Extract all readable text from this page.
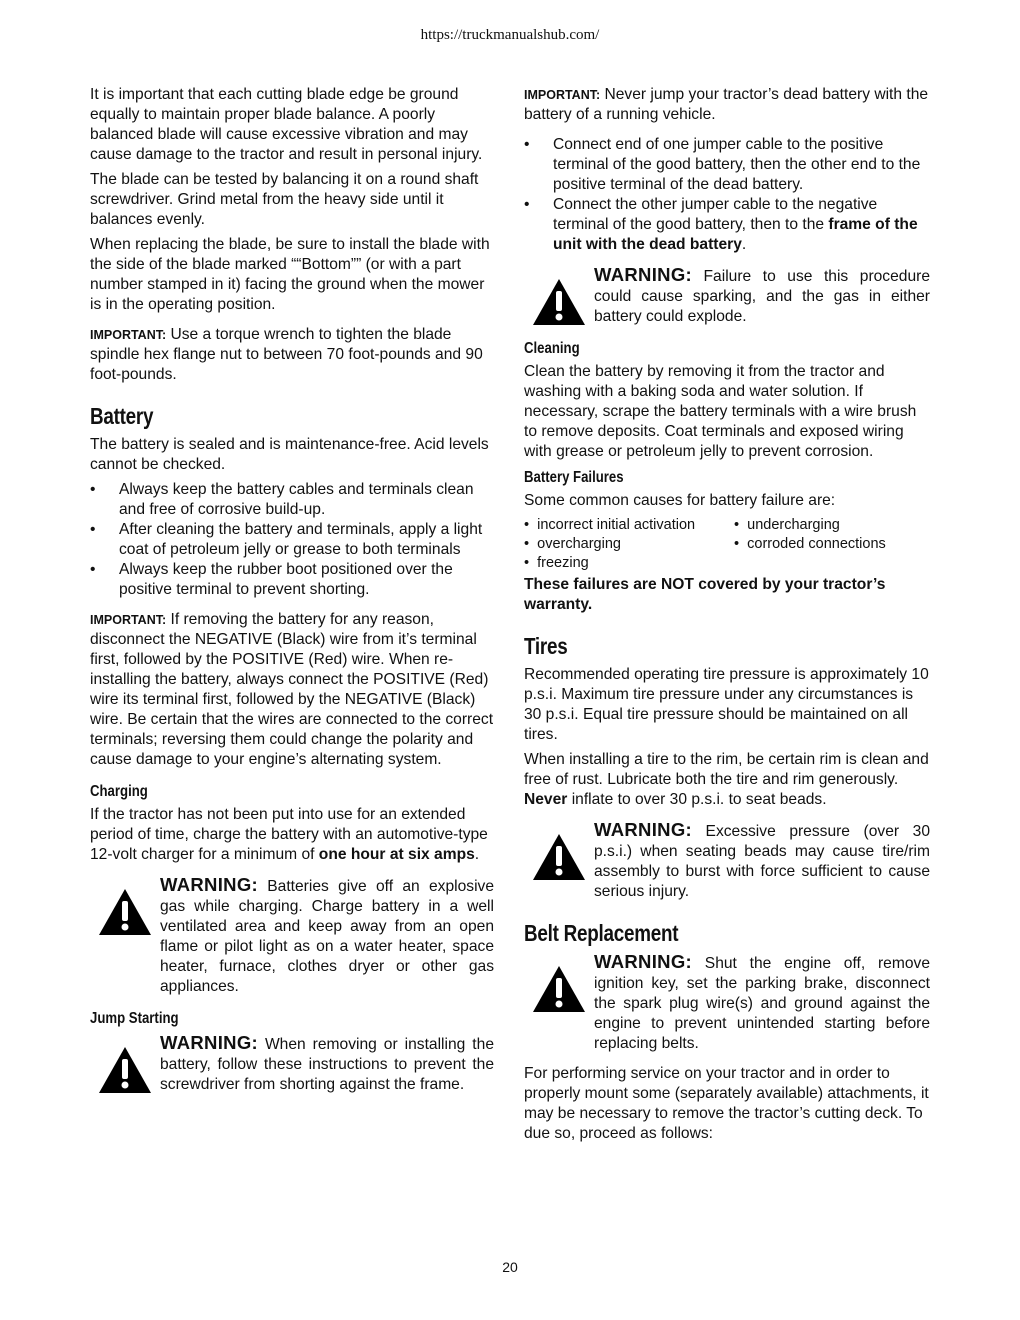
https://truckmanualshub.com/

It is important that each cutting blade edge be ground equally to maintain proper blade balance. A poorly balanced blade will cause excessive vibration and may cause damage to the tractor and result in personal injury.

The blade can be tested by balancing it on a round shaft screwdriver. Grind metal from the heavy side until it balances evenly.

When replacing the blade, be sure to install the blade with the side of the blade marked ““Bottom”” (or with a part number stamped in it) facing the ground when the mower is in the operating position.

IMPORTANT: Use a torque wrench to tighten the blade spindle hex flange nut to between 70 foot-pounds and 90 foot-pounds.

Battery

The battery is sealed and is maintenance-free. Acid levels cannot be checked.

• Always keep the battery cables and terminals clean and free of corrosive build-up.
• After cleaning the battery and terminals, apply a light coat of petroleum jelly or grease to both terminals
• Always keep the rubber boot positioned over the positive terminal to prevent shorting.

IMPORTANT: If removing the battery for any reason, disconnect the NEGATIVE (Black) wire from it’s terminal first, followed by the POSITIVE (Red) wire. When re-installing the battery, always connect the POSITIVE (Red) wire its terminal first, followed by the NEGATIVE (Black) wire. Be certain that the wires are connected to the correct terminals; reversing them could change the polarity and cause damage to your engine’s alternating system.

Charging

If the tractor has not been put into use for an extended period of time, charge the battery with an automotive-type 12-volt charger for a minimum of one hour at six amps.

WARNING: Batteries give off an explosive gas while charging. Charge battery in a well ventilated area and keep away from an open flame or pilot light as on a water heater, space heater, furnace, clothes dryer or other gas appliances.
Jump Starting
WARNING: When removing or installing the battery, follow these instructions to prevent the screwdriver from shorting against the frame.

IMPORTANT: Never jump your tractor’s dead battery with the battery of a running vehicle.

• Connect end of one jumper cable to the positive terminal of the good battery, then the other end to the positive terminal of the dead battery.
• Connect the other jumper cable to the negative terminal of the good battery, then to the frame of the unit with the dead battery.
WARNING: Failure to use this procedure could cause sparking, and the gas in either battery could explode.
Cleaning

Clean the battery by removing it from the tractor and washing with a baking soda and water solution. If necessary, scrape the battery terminals with a wire brush to remove deposits. Coat terminals and exposed wiring with grease or petroleum jelly to prevent corrosion.

Battery Failures

Some common causes for battery failure are:

• incorrect initial activation	• undercharging
• overcharging	• corroded connections
• freezing

These failures are NOT covered by your tractor’s warranty.

Tires

Recommended operating tire pressure is approximately 10 p.s.i. Maximum tire pressure under any circumstances is 30 p.s.i. Equal tire pressure should be maintained on all tires.

When installing a tire to the rim, be certain rim is clean and free of rust. Lubricate both the tire and rim generously. Never inflate to over 30 p.s.i. to seat beads.

WARNING: Excessive pressure (over 30 p.s.i.) when seating beads may cause tire/rim assembly to burst with force sufficient to cause serious injury.
Belt Replacement
WARNING: Shut the engine off, remove ignition key, set the parking brake, disconnect the spark plug wire(s) and ground against the engine to prevent unintended starting before replacing belts.

For performing service on your tractor and in order to properly mount some (separately available) attachments, it may be necessary to remove the tractor’s cutting deck. To due so, proceed as follows:

20
